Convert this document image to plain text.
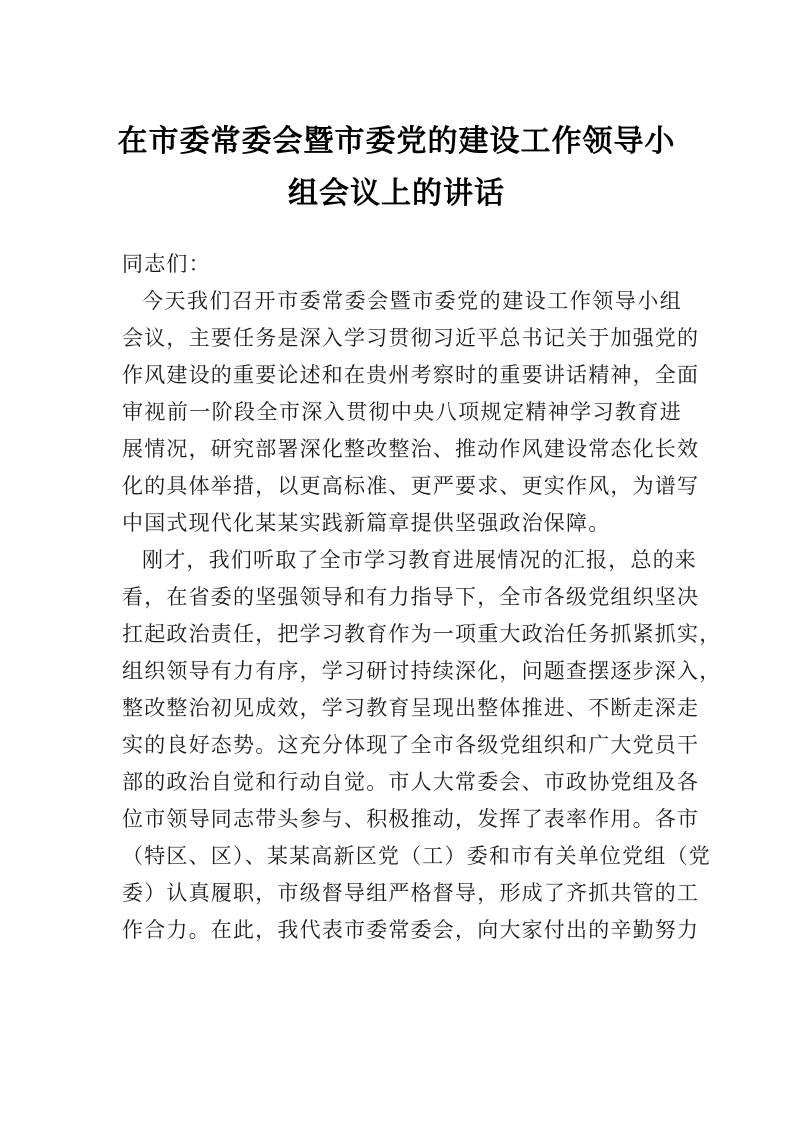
在市委常委会暨市委党的建设工作领导小
组会议上的讲话
同志们：
今天我们召开市委常委会暨市委党的建设工作领导小组
会议，主要任务是深入学习贯彻习近平总书记关于加强党的
作风建设的重要论述和在贵州考察时的重要讲话精神，全面
审视前一阶段全市深入贯彻中央八项规定精神学习教育进
展情况，研究部署深化整改整治、推动作风建设常态化长效
化的具体举措，以更高标准、更严要求、更实作风，为谱写
中国式现代化某某实践新篇章提供坚强政治保障。
刚才，我们听取了全市学习教育进展情况的汇报，总的来
看，在省委的坚强领导和有力指导下，全市各级党组织坚决
扛起政治责任，把学习教育作为一项重大政治任务抓紧抓实，
组织领导有力有序，学习研讨持续深化，问题查摆逐步深入，
整改整治初见成效，学习教育呈现出整体推进、不断走深走
实的良好态势。这充分体现了全市各级党组织和广大党员干
部的政治自觉和行动自觉。市人大常委会、市政协党组及各
位市领导同志带头参与、积极推动，发挥了表率作用。各市
（特区、区）、某某高新区党（工）委和市有关单位党组（党
委）认真履职，市级督导组严格督导，形成了齐抓共管的工
作合力。在此，我代表市委常委会，向大家付出的辛勤努力
